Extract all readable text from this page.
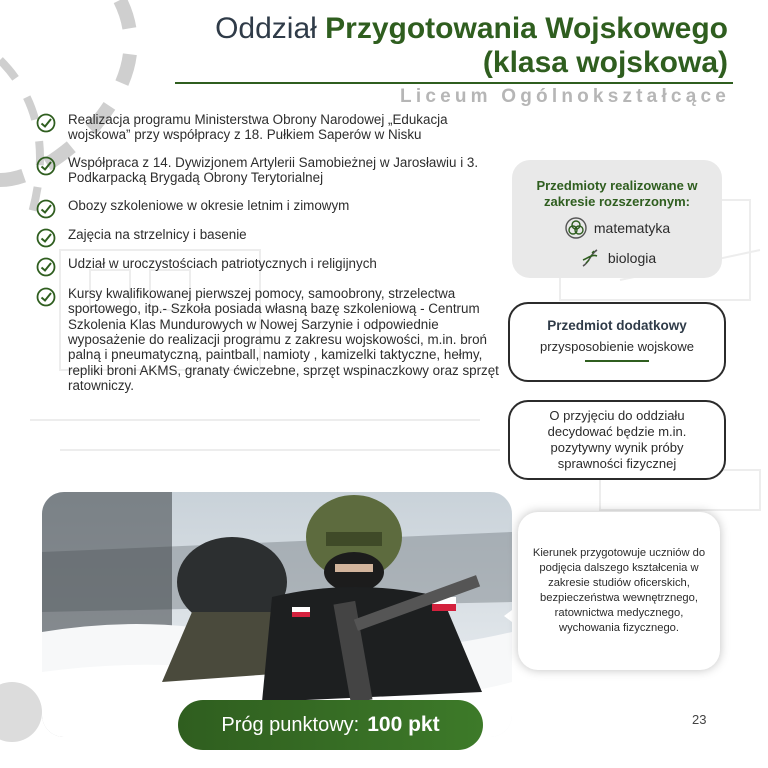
Oddział Przygotowania Wojskowego
(klasa wojskowa)
Liceum Ogólnokształcące
Realizacja programu Ministerstwa Obrony Narodowej „Edukacja wojskowa” przy współpracy z 18. Pułkiem Saperów w Nisku
Współpraca z 14. Dywizjonem Artylerii Samobieżnej w Jarosławiu i 3. Podkarpacką Brygadą Obrony Terytorialnej
Obozy szkoleniowe w okresie letnim i zimowym
Zajęcia na strzelnicy i basenie
Udział w uroczystościach patriotycznych i religijnych
Kursy kwalifikowanej pierwszej pomocy, samoobrony, strzelectwa sportowego, itp.- Szkoła posiada własną bazę szkoleniową - Centrum Szkolenia Klas Mundurowych w Nowej Sarzynie i odpowiednie wyposażenie do realizacji programu z zakresu wojskowości, m.in. broń palną i pneumatyczną, paintball, namioty , kamizelki taktyczne, hełmy, repliki broni AKMS, granaty ćwiczebne, sprzęt wspinaczkowy oraz sprzęt ratowniczy.
Przedmioty realizowane w zakresie rozszerzonym:
matematyka
biologia
Przedmiot dodatkowy
przysposobienie wojskowe
O przyjęciu do oddziału decydować będzie m.in. pozytywny wynik próby sprawności fizycznej
Kierunek przygotowuje uczniów do podjęcia dalszego kształcenia w zakresie studiów oficerskich, bezpieczeństwa wewnętrznego, ratownictwa medycznego, wychowania fizycznego.
Próg punktowy: 100 pkt	23
